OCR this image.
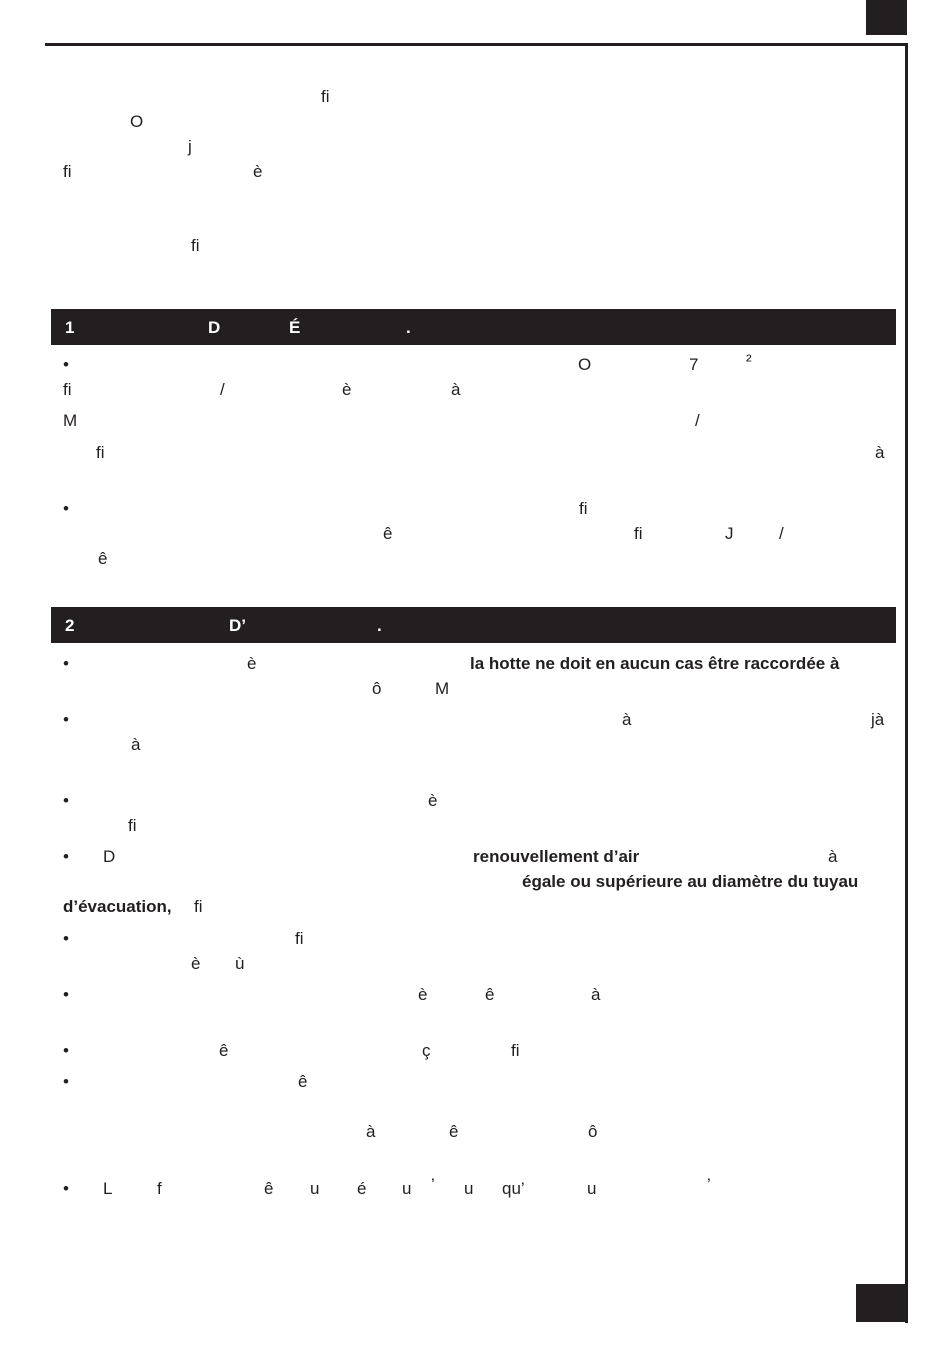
fi
O
j
fi	è
fi
1	D	É	.
•	O	7	²
fi	/	è	à
M	/
fi	à
•	fi
ê	fi	J	/
ê
2	D’	.
•	è	la hotte ne doit en aucun cas être raccordée à
ô	M
•	à	jà
à
•	è
fi
• D	renouvellement d’air	à
égale ou supérieure au diamètre du tuyau
d’évacuation, fi
•	fi
è ù
•	è	ê	à
•	ê	ç	fi
•	ê
à	ê	ô
• L	f	ê u é u ’ u qu’	u	’
